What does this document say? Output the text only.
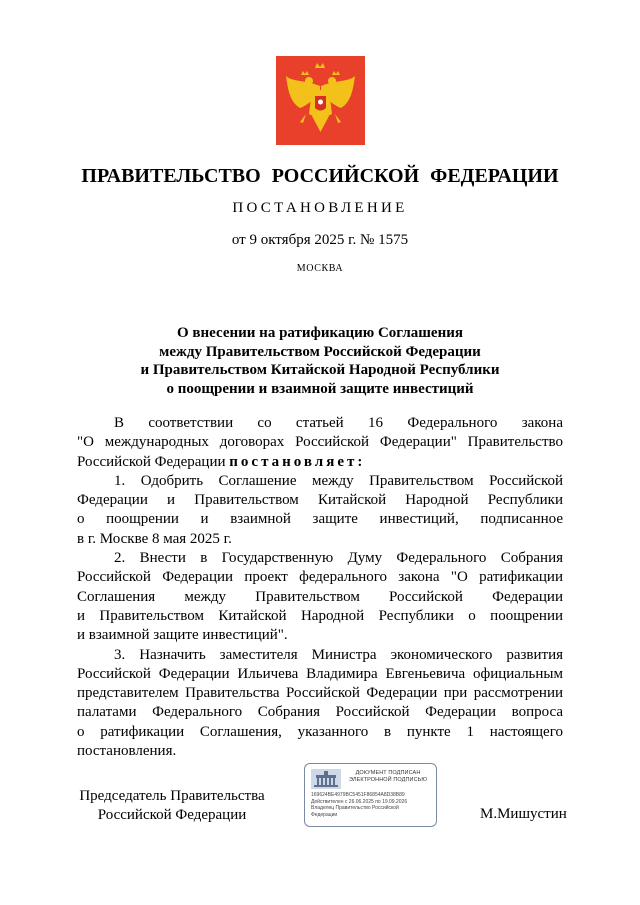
ПРАВИТЕЛЬСТВО РОССИЙСКОЙ ФЕДЕРАЦИИ
ПОСТАНОВЛЕНИЕ
от 9 октября 2025 г. № 1575
МОСКВА
О внесении на ратификацию Соглашения
между Правительством Российской Федерации
и Правительством Китайской Народной Республики
о поощрении и взаимной защите инвестиций
В соответствии со статьей 16 Федерального закона
"О международных договорах Российской Федерации" Правительство
Российской Федерации постановляет:
1. Одобрить Соглашение между Правительством Российской
Федерации и Правительством Китайской Народной Республики
о поощрении и взаимной защите инвестиций, подписанное
в г. Москве 8 мая 2025 г.
2. Внести в Государственную Думу Федерального Собрания
Российской Федерации проект федерального закона "О ратификации
Соглашения между Правительством Российской Федерации
и Правительством Китайской Народной Республики о поощрении
и взаимной защите инвестиций".
3. Назначить заместителя Министра экономического развития
Российской Федерации Ильичева Владимира Евгеньевича официальным
представителем Правительства Российской Федерации при рассмотрении
палатами Федерального Собрания Российской Федерации вопроса
о ратификации Соглашения, указанного в пункте 1 настоящего
постановления.
Председатель Правительства
Российской Федерации
ДОКУМЕНТ ПОДПИСАН
ЭЛЕКТРОННОЙ ПОДПИСЬЮ
169624BE4979BC5451F86854A8D38B89
Действителен с 26.06.2025 по 19.09.2026
Владелец Правительство Российской
Федерации	М.Мишустин
